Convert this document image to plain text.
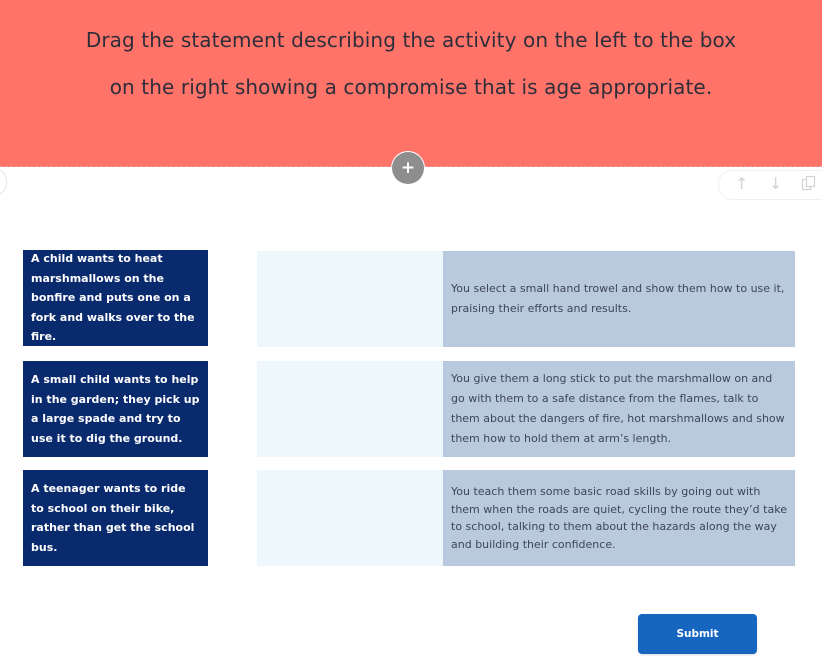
Drag the statement describing the activity on the left to the box
on the right showing a compromise that is age appropriate.
+
↑ ↓
A child wants to heat marshmallows on the bonfire and puts one on a fork and walks over to the fire.
You select a small hand trowel and show them how to use it, praising their efforts and results.
A small child wants to help in the garden; they pick up a large spade and try to use it to dig the ground.
You give them a long stick to put the marshmallow on and go with them to a safe distance from the flames, talk to them about the dangers of fire, hot marshmallows and show them how to hold them at arm’s length.
A teenager wants to ride to school on their bike, rather than get the school bus.
You teach them some basic road skills by going out with them when the roads are quiet, cycling the route they’d take to school, talking to them about the hazards along the way and building their confidence.
Submit
